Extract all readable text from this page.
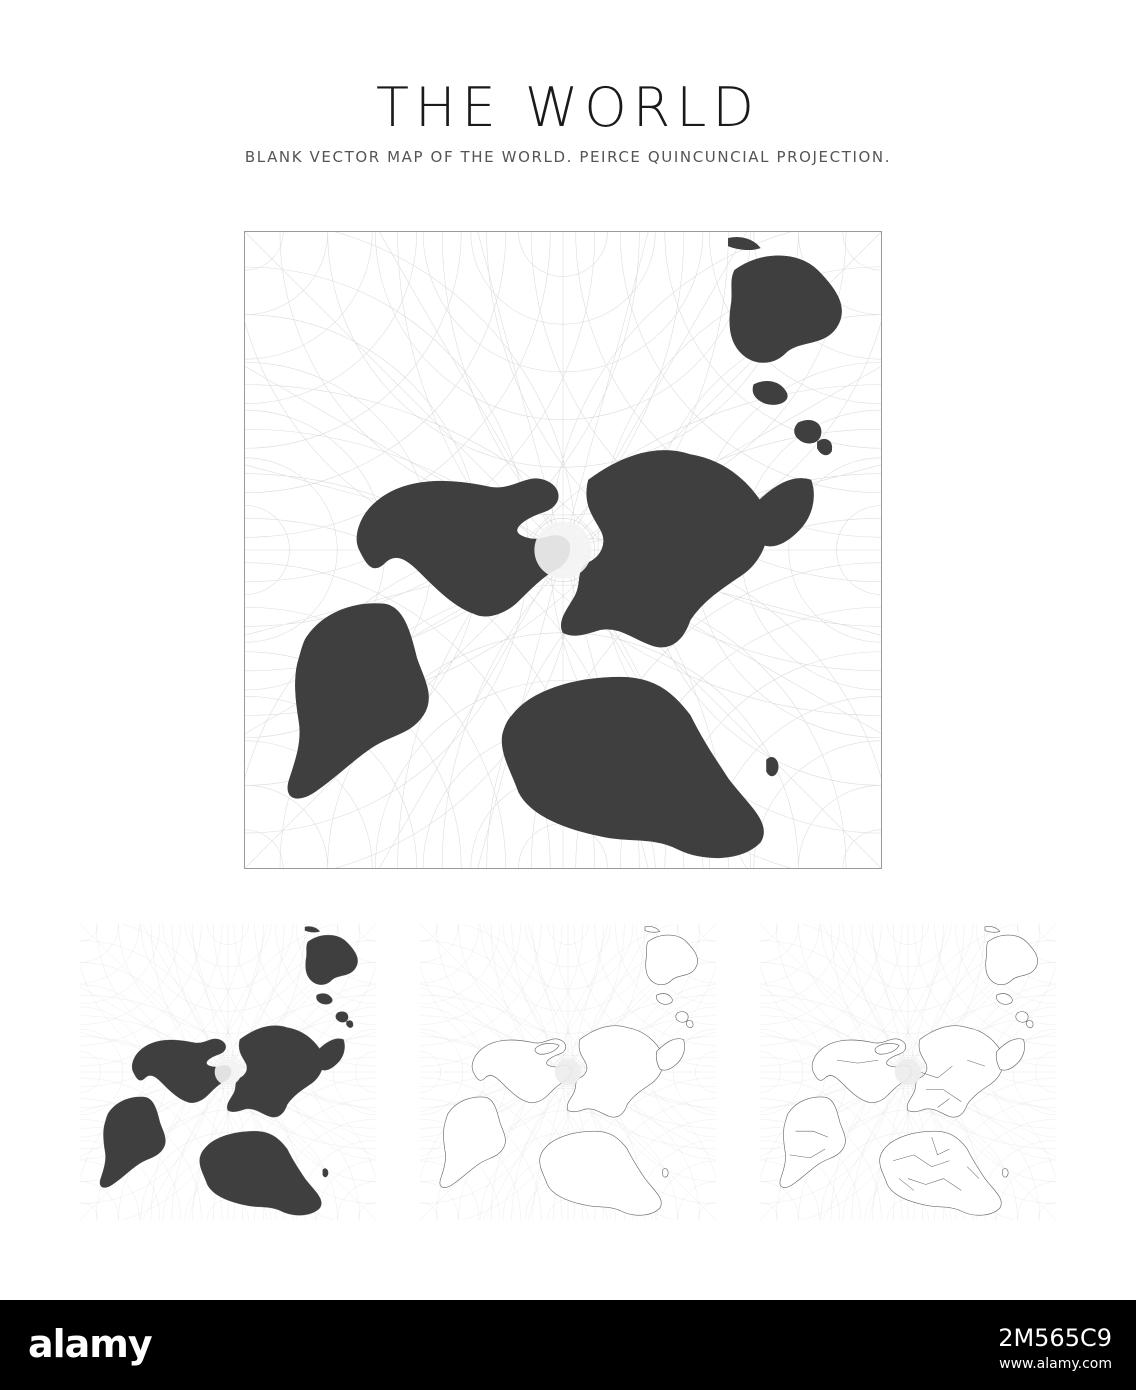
THE WORLD
BLANK VECTOR MAP OF THE WORLD. PEIRCE QUINCUNCIAL PROJECTION.
alamy	2M565C9
www.alamy.com
